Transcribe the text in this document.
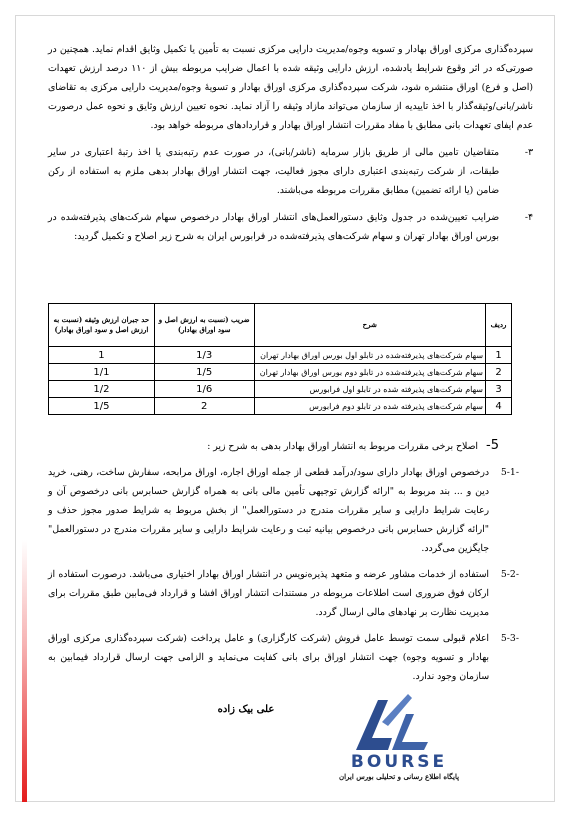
سپرده‌گذاری مرکزی اوراق بهادار و تسویه وجوه/مدیریت دارایی مرکزی نسبت به تأمین یا تکمیل وثایق اقدام نماید. همچنین در صورتی‌که در اثر وقوع شرایط یادشده، ارزش دارایی وثیقه شده با اعمال ضرایب مربوطه بیش از ۱۱۰ درصد ارزش تعهدات (اصل و فرع) اوراق منتشره شود، شرکت سپرده‌گذاری مرکزی اوراق بهادار و تسویهٔ وجوه/مدیریت دارایی مرکزی به تقاضای ناشر/بانی/وثیقه‌گذار با اخذ تاییدیه از سازمان می‌تواند مازاد وثیقه را آزاد نماید. نحوه تعیین ارزش وثایق و نحوه عمل درصورت عدم ایفای تعهدات بانی مطابق با مفاد مقررات انتشار اوراق بهادار و قراردادهای مربوطه خواهد بود.

۳-

متقاضیان تامین مالی از طریق بازار سرمایه (ناشر/بانی)، در صورت عدم رتبه‌بندی یا اخذ رتبهٔ اعتباری در سایر طبقات، از شرکت رتبه‌بندی اعتباری دارای مجوز فعالیت، جهت انتشار اوراق بهادار بدهی ملزم به استفاده از رکن ضامن (یا ارائه تضمین) مطابق مقررات مربوطه می‌باشند.

۴-

ضرایب تعیین‌شده در جدول وثایق دستورالعمل‌های انتشار اوراق بهادار درخصوص سهام شرکت‌های پذیرفته‌شده در بورس اوراق بهادار تهران و سهام شرکت‌های پذیرفته‌شده در فرابورس ایران به شرح زیر اصلاح و تکمیل گردید:

ردیف	شرح	ضریب (نسبت به ارزش اصل و سود اوراق بهادار)	حد جبران ارزش وثیقه (نسبت به ارزش اصل و سود اوراق بهادار)
1	سهام شرکت‌های پذیرفته‌شده در تابلو اول بورس اوراق بهادار تهران	1/3	1
2	سهام شرکت‌های پذیرفته‌شده در تابلو دوم بورس اوراق بهادار تهران	1/5	1/1
3	سهام شرکت‌های پذیرفته شده در تابلو اول فرابورس	1/6	1/2
4	سهام شرکت‌های پذیرفته شده در تابلو دوم فرابورس	2	1/5

5-اصلاح برخی مقررات مربوط به انتشار اوراق بهادار بدهی به شرح زیر :

5-1-

درخصوص اوراق بهادار دارای سود/درآمد قطعی از جمله اوراق اجاره، اوراق مرابحه، سفارش ساخت، رهنی، خرید دین و ... بند مربوط به "ارائه گزارش توجیهی تأمین مالی بانی به همراه گزارش حسابرس بانی درخصوص آن و رعایت شرایط دارایی و سایر مقررات مندرج در دستورالعمل" از بخش مربوط به شرایط صدور مجوز حذف و "ارائه گزارش حسابرس بانی درخصوص بیانیه ثبت و رعایت شرایط دارایی و سایر مقررات مندرج در دستورالعمل" جایگزین می‌گردد.

5-2-

استفاده از خدمات مشاور عرضه و متعهد پذیره‌نویس در انتشار اوراق بهادار اختیاری می‌باشد. درصورت استفاده از ارکان فوق ضروری است اطلاعات مربوطه در مستندات انتشار اوراق افشا و قرارداد فی‌مابین طبق مقررات برای مدیریت نظارت بر نهادهای مالی ارسال گردد.

5-3-

اعلام قبولی سمت توسط عامل فروش (شرکت کارگزاری) و عامل پرداخت (شرکت سپرده‌گذاری مرکزی اوراق بهادار و تسویه وجوه) جهت انتشار اوراق برای بانی کفایت می‌نماید و الزامی جهت ارسال قرارداد فیمابین به سازمان وجود ندارد.

علی بیک زاده
BOURSE
پایگاه اطلاع رسانی و تحلیلی بورس ایران
